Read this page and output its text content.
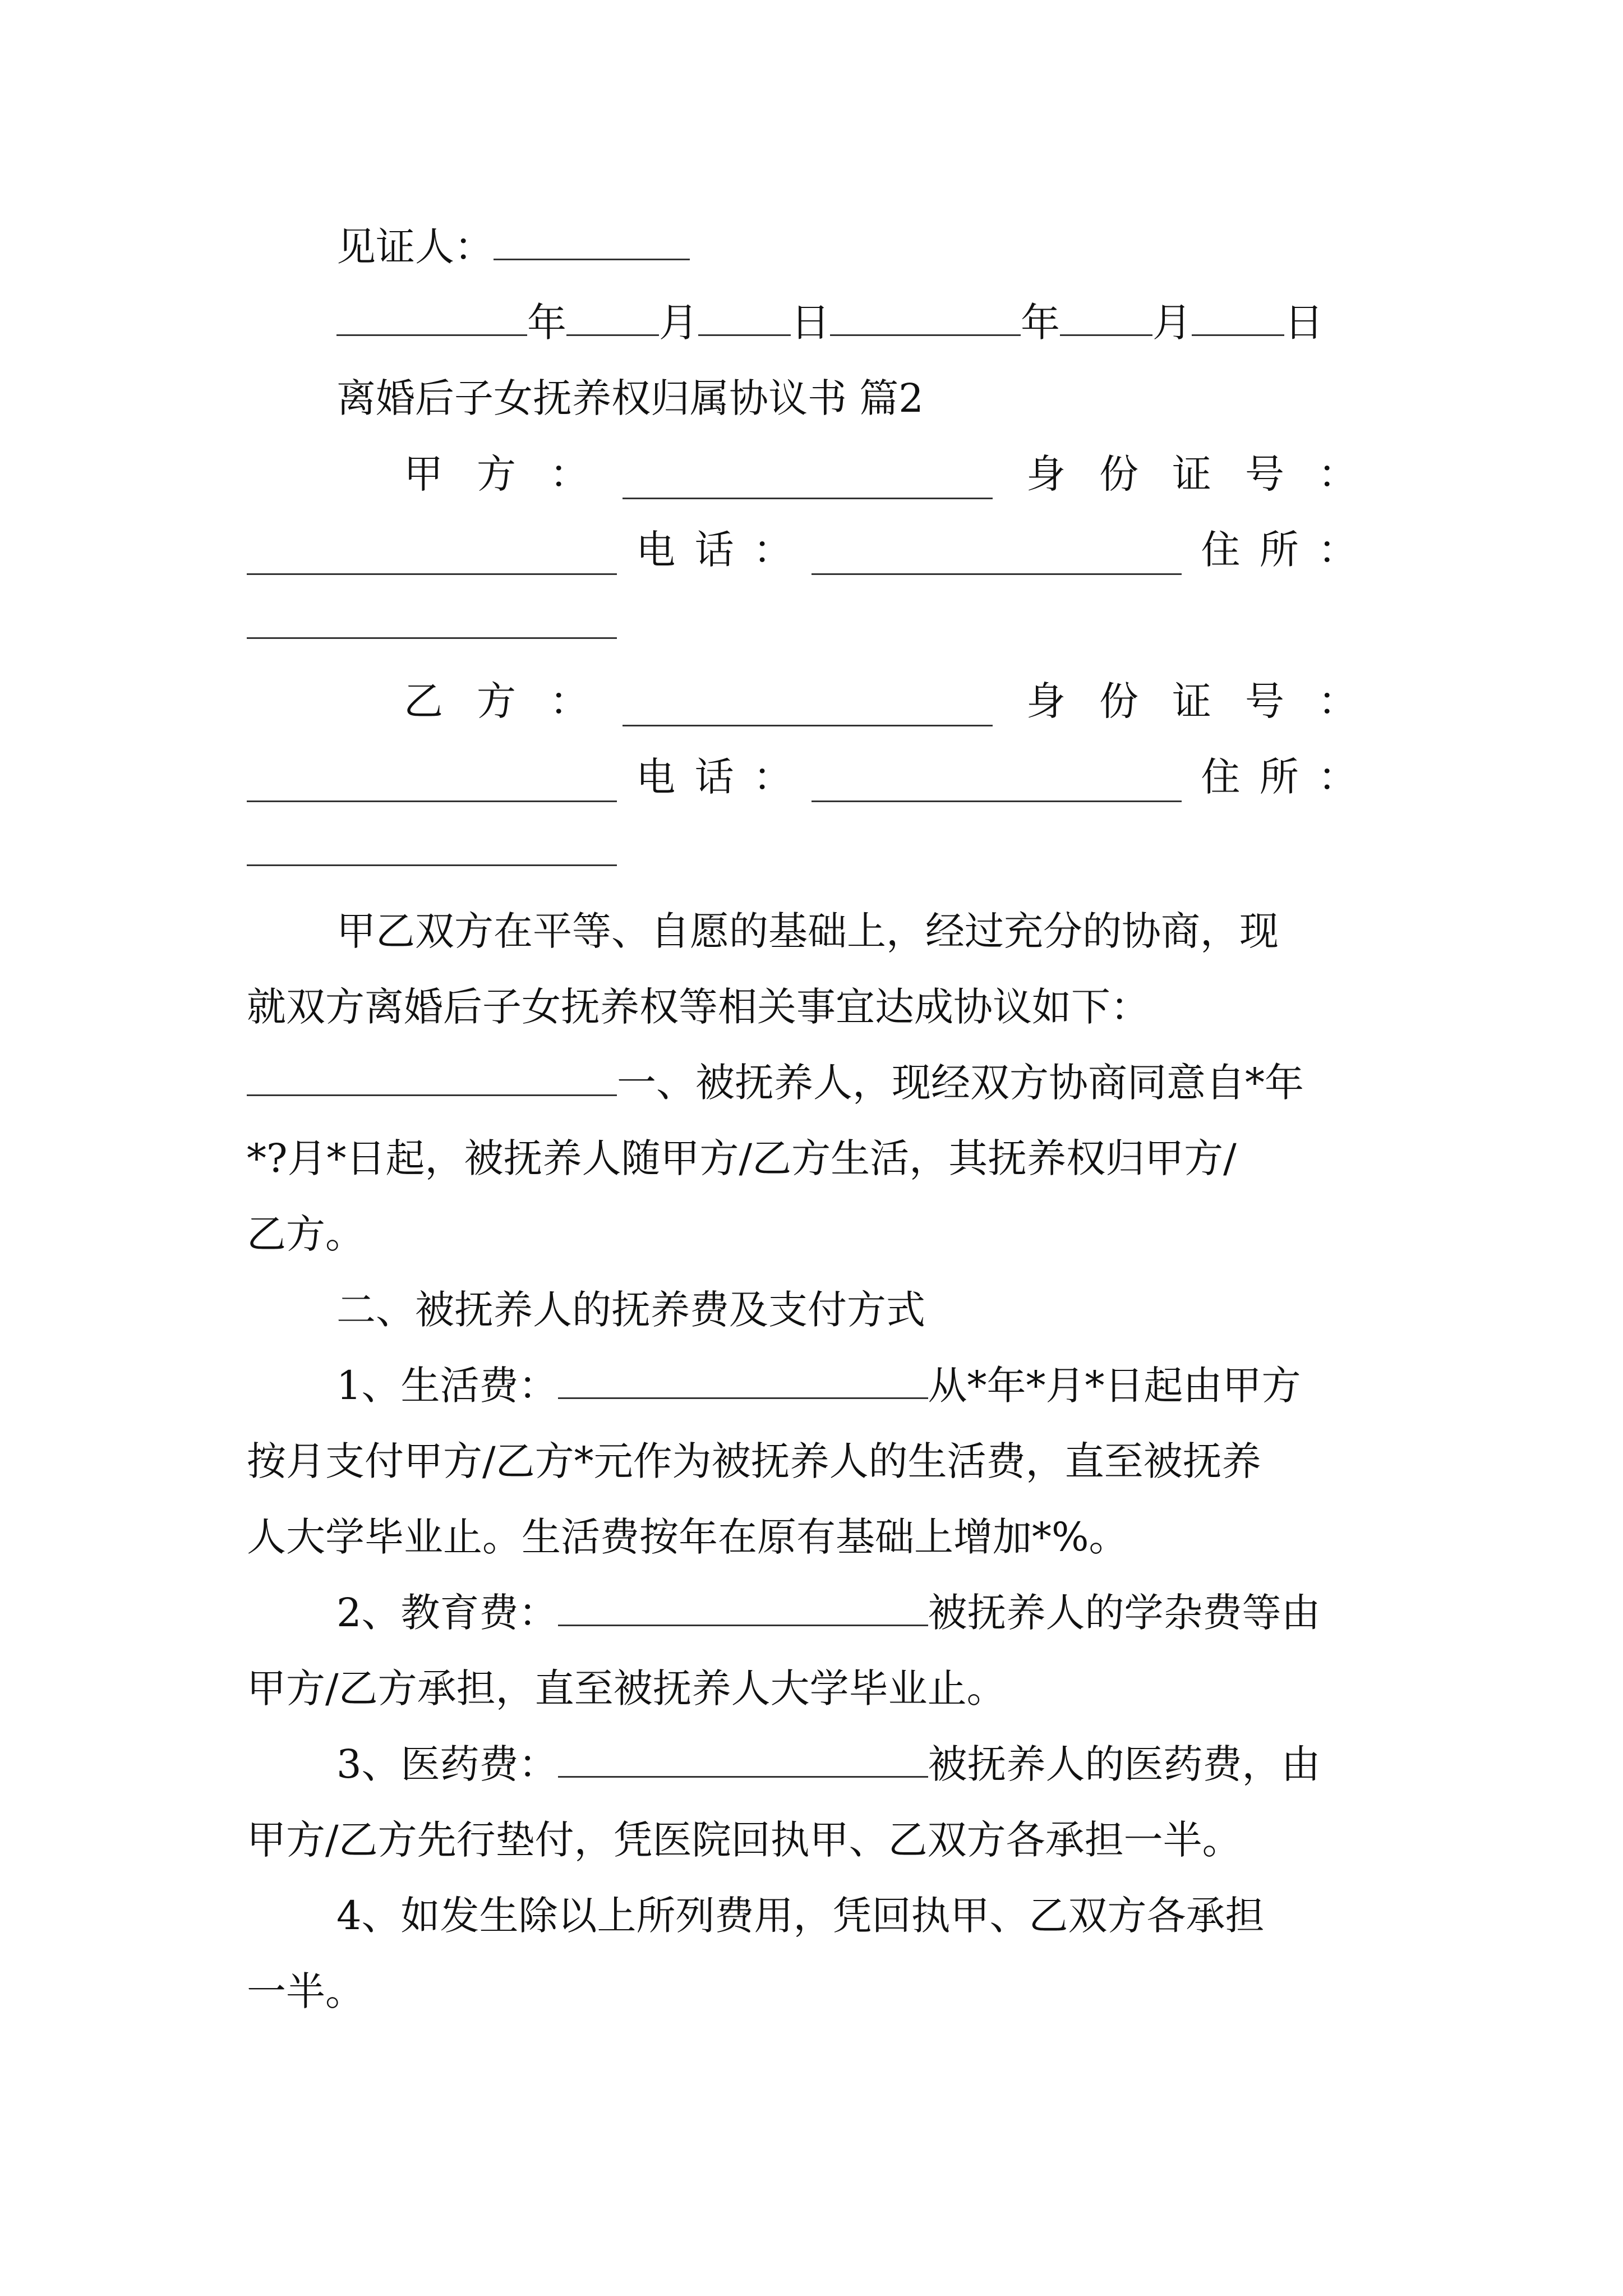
见证人：
年 月 日	年 月 日
离婚后子女抚养权归属协议书 篇2
甲 方 ：	身 份 证 号 ：
电 话 ：	住 所 ：
乙 方 ：	身 份 证 号 ：
电 话 ：	住 所 ：
甲乙双方在平等、自愿的基础上，经过充分的协商，现
就双方离婚后子女抚养权等相关事宜达成协议如下：
一、被抚养人，现经双方协商同意自*年
*?月*日起，被抚养人随甲方/乙方生活，其抚养权归甲方/
乙方。
二、被抚养人的抚养费及支付方式
1、生活费：	从*年*月*日起由甲方
按月支付甲方/乙方*元作为被抚养人的生活费，直至被抚养
人大学毕业止。生活费按年在原有基础上增加*%。
2、教育费：	被抚养人的学杂费等由
甲方/乙方承担，直至被抚养人大学毕业止。
3、医药费：	被抚养人的医药费，由
甲方/乙方先行垫付，凭医院回执甲、乙双方各承担一半。
4、如发生除以上所列费用，凭回执甲、乙双方各承担
一半。
